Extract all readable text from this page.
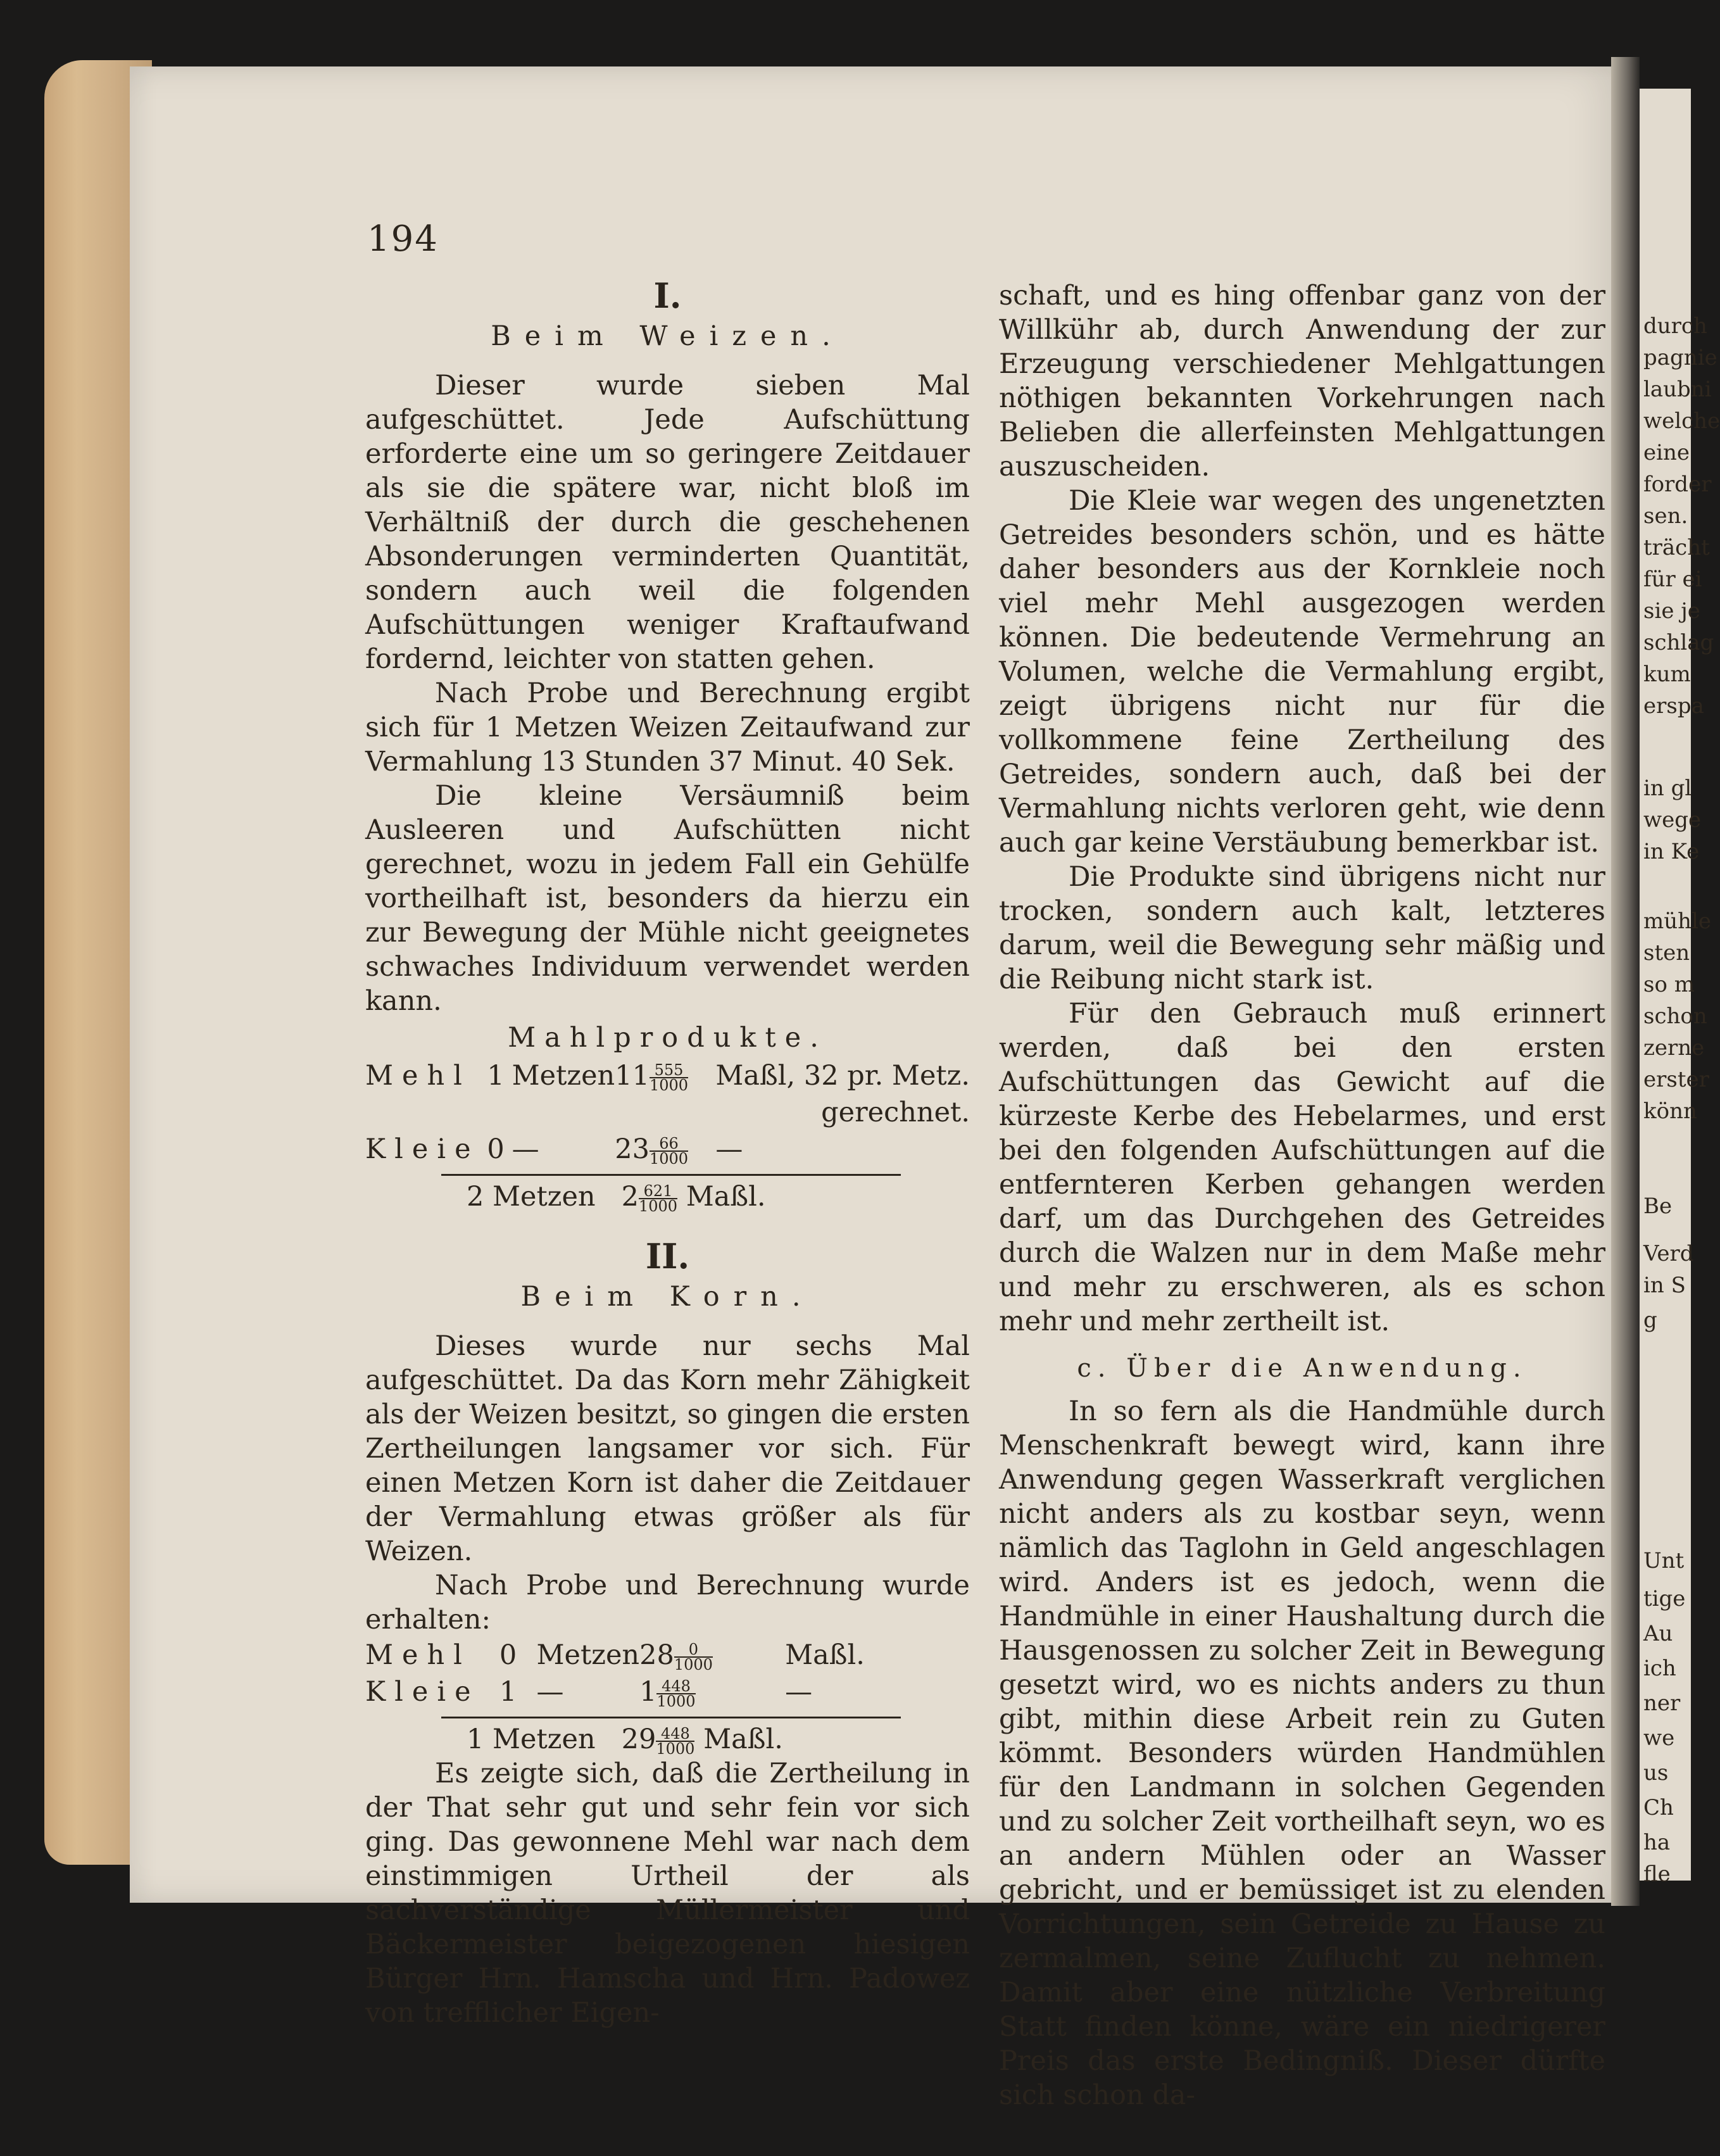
durch
pagnie
laubni
welche
eine
forder
sen.
trächt
für ei
sie je
schlag
kum
erspa
in gl
wege
in Ke
mühle
sten
so m
schon
zerne
erster
könn
Be
Verd
in S
g
Unt
tige
Au
ich
ner
we
us
Ch
ha
fle
194
I.
Beim Weizen.

Dieser wurde sieben Mal aufgeschüttet. Jede Aufschüttung erforderte eine um so geringere Zeitdauer als sie die spätere war, nicht bloß im Verhältniß der durch die geschehenen Absonderungen verminderten Quantität, sondern auch weil die folgenden Aufschüttungen weniger Kraftaufwand fordernd, leichter von statten gehen.

Nach Probe und Berechnung ergibt sich für 1 Metzen Weizen Zeitaufwand zur Vermahlung 13 Stunden 37 Minut. 40 Sek.

Die kleine Versäumniß beim Ausleeren und Aufschütten nicht gerechnet, wozu in jedem Fall ein Gehülfe vortheilhaft ist, besonders da hierzu ein zur Bewegung der Mühle nicht geeignetes schwaches Individuum verwendet werden kann.

Mahlprodukte.
Mehl	1	Metzen	$11 \frac{555}{1000}$	Maßl, 32 pr. Metz.
gerechnet.				
Kleie	0	—	$23 \frac{66}{1000}$	—
2 Metzen $2 \frac{621}{1000}$ Maßl.
II.
Beim Korn.

Dieses wurde nur sechs Mal aufgeschüttet. Da das Korn mehr Zähigkeit als der Weizen besitzt, so gingen die ersten Zertheilungen langsamer vor sich. Für einen Metzen Korn ist daher die Zeitdauer der Vermahlung etwas größer als für Weizen.

Nach Probe und Berechnung wurde erhalten:

Mehl	0	Metzen	$28 \frac{0}{1000}$	Maßl.
Kleie	1	—	$1 \frac{448}{1000}$	—
1 Metzen $29 \frac{448}{1000}$ Maßl.

Es zeigte sich, daß die Zertheilung in der That sehr gut und sehr fein vor sich ging. Das gewonnene Mehl war nach dem einstimmigen Urtheil der als sachverständige Müllermeister und Bäckermeister beigezogenen hiesigen Bürger Hrn. Hamscha und Hrn. Padowez von trefflicher Eigen-

schaft, und es hing offenbar ganz von der Willkühr ab, durch Anwendung der zur Erzeugung verschiedener Mehlgattungen nöthigen bekannten Vorkehrungen nach Belieben die allerfeinsten Mehlgattungen auszuscheiden.

Die Kleie war wegen des ungenetzten Getreides besonders schön, und es hätte daher besonders aus der Kornkleie noch viel mehr Mehl ausgezogen werden können. Die bedeutende Vermehrung an Volumen, welche die Vermahlung ergibt, zeigt übrigens nicht nur für die vollkommene feine Zertheilung des Getreides, sondern auch, daß bei der Vermahlung nichts verloren geht, wie denn auch gar keine Verstäubung bemerkbar ist.

Die Produkte sind übrigens nicht nur trocken, sondern auch kalt, letzteres darum, weil die Bewegung sehr mäßig und die Reibung nicht stark ist.

Für den Gebrauch muß erinnert werden, daß bei den ersten Aufschüttungen das Gewicht auf die kürzeste Kerbe des Hebelarmes, und erst bei den folgenden Aufschüttungen auf die entfernteren Kerben gehangen werden darf, um das Durchgehen des Getreides durch die Walzen nur in dem Maße mehr und mehr zu erschweren, als es schon mehr und mehr zertheilt ist.

c. Über die Anwendung.

In so fern als die Handmühle durch Menschenkraft bewegt wird, kann ihre Anwendung gegen Wasserkraft verglichen nicht anders als zu kostbar seyn, wenn nämlich das Taglohn in Geld angeschlagen wird. Anders ist es jedoch, wenn die Handmühle in einer Haushaltung durch die Hausgenossen zu solcher Zeit in Bewegung gesetzt wird, wo es nichts anders zu thun gibt, mithin diese Arbeit rein zu Guten kömmt. Besonders würden Handmühlen für den Landmann in solchen Gegenden und zu solcher Zeit vortheilhaft seyn, wo es an andern Mühlen oder an Wasser gebricht, und er bemüssiget ist zu elenden Vorrichtungen, sein Getreide zu Hause zu zermalmen, seine Zuflucht zu nehmen. Damit aber eine nützliche Verbreitung Statt finden könne, wäre ein niedrigerer Preis das erste Bedingniß. Dieser dürfte sich schon da-
